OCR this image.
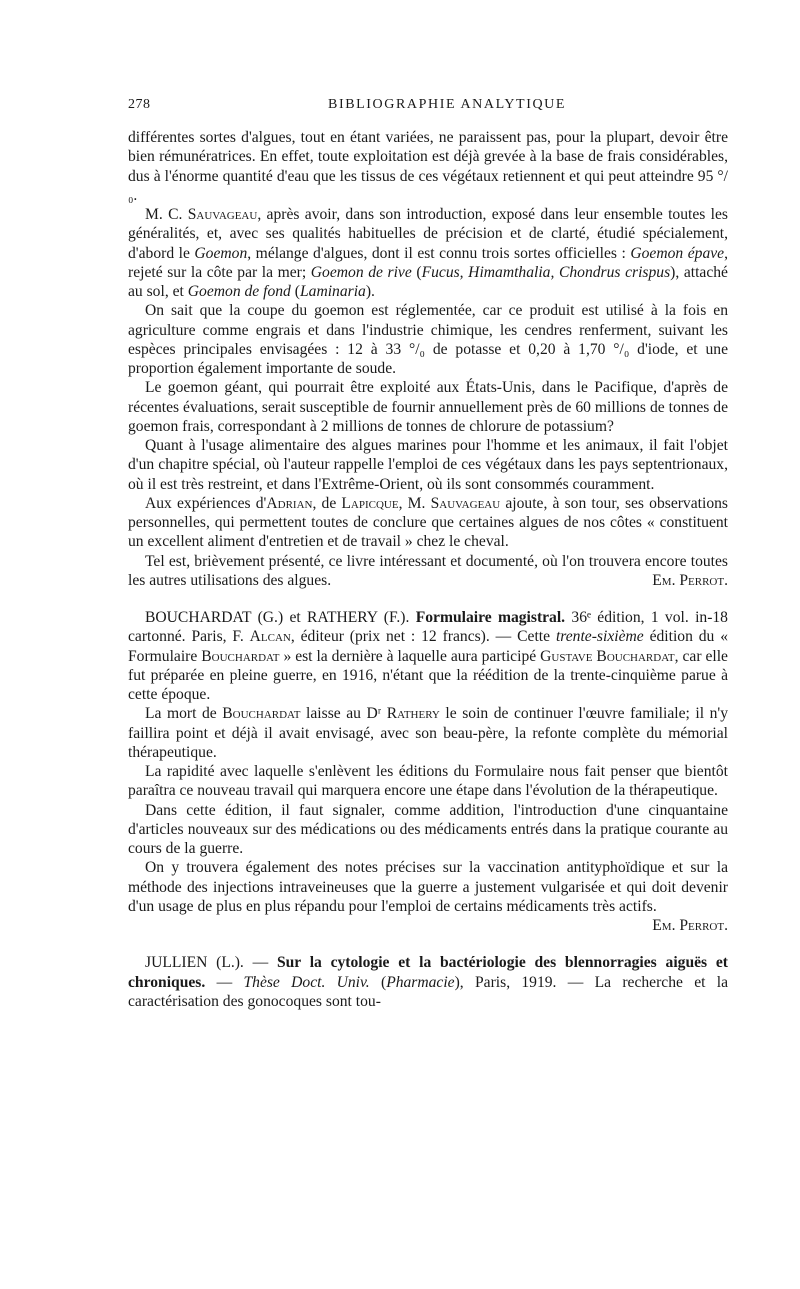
278	BIBLIOGRAPHIE ANALYTIQUE

différentes sortes d'algues, tout en étant variées, ne paraissent pas, pour la plupart, devoir être bien rémunératrices. En effet, toute exploitation est déjà grevée à la base de frais considérables, dus à l'énorme quantité d'eau que les tissus de ces végétaux retiennent et qui peut atteindre 95 °/₀.

M. C. Sauvageau, après avoir, dans son introduction, exposé dans leur ensemble toutes les généralités, et, avec ses qualités habituelles de précision et de clarté, étudié spécialement, d'abord le Goemon, mélange d'algues, dont il est connu trois sortes officielles : Goemon épave, rejeté sur la côte par la mer; Goemon de rive (Fucus, Himamthalia, Chondrus crispus), attaché au sol, et Goemon de fond (Laminaria).

On sait que la coupe du goemon est réglementée, car ce produit est utilisé à la fois en agriculture comme engrais et dans l'industrie chimique, les cendres renferment, suivant les espèces principales envisagées : 12 à 33 °/₀ de potasse et 0,20 à 1,70 °/₀ d'iode, et une proportion également importante de soude.

Le goemon géant, qui pourrait être exploité aux États-Unis, dans le Pacifique, d'après de récentes évaluations, serait susceptible de fournir annuellement près de 60 millions de tonnes de goemon frais, correspondant à 2 millions de tonnes de chlorure de potassium?

Quant à l'usage alimentaire des algues marines pour l'homme et les animaux, il fait l'objet d'un chapitre spécial, où l'auteur rappelle l'emploi de ces végétaux dans les pays septentrionaux, où il est très restreint, et dans l'Extrême-Orient, où ils sont consommés couramment.

Aux expériences d'Adrian, de Lapicque, M. Sauvageau ajoute, à son tour, ses observations personnelles, qui permettent toutes de conclure que certaines algues de nos côtes « constituent un excellent aliment d'entretien et de travail » chez le cheval.

Tel est, brièvement présenté, ce livre intéressant et documenté, où l'on trouvera encore toutes les autres utilisations des algues.	Em. Perrot.

BOUCHARDAT (G.) et RATHERY (F.). Formulaire magistral. 36ᵉ édition, 1 vol. in-18 cartonné. Paris, F. Alcan, éditeur (prix net : 12 francs). — Cette trente-sixième édition du « Formulaire Bouchardat » est la dernière à laquelle aura participé Gustave Bouchardat, car elle fut préparée en pleine guerre, en 1916, n'étant que la réédition de la trente-cinquième parue à cette époque.

La mort de Bouchardat laisse au Dʳ Rathery le soin de continuer l'œuvre familiale; il n'y faillira point et déjà il avait envisagé, avec son beau-père, la refonte complète du mémorial thérapeutique.

La rapidité avec laquelle s'enlèvent les éditions du Formulaire nous fait penser que bientôt paraîtra ce nouveau travail qui marquera encore une étape dans l'évolution de la thérapeutique.

Dans cette édition, il faut signaler, comme addition, l'introduction d'une cinquantaine d'articles nouveaux sur des médications ou des médicaments entrés dans la pratique courante au cours de la guerre.

On y trouvera également des notes précises sur la vaccination antityphoïdique et sur la méthode des injections intraveineuses que la guerre a justement vulgarisée et qui doit devenir d'un usage de plus en plus répandu pour l'emploi de certains médicaments très actifs.
Em. Perrot.

JULLIEN (L.). — Sur la cytologie et la bactériologie des blennorragies aiguës et chroniques. — Thèse Doct. Univ. (Pharmacie), Paris, 1919. — La recherche et la caractérisation des gonocoques sont tou-
